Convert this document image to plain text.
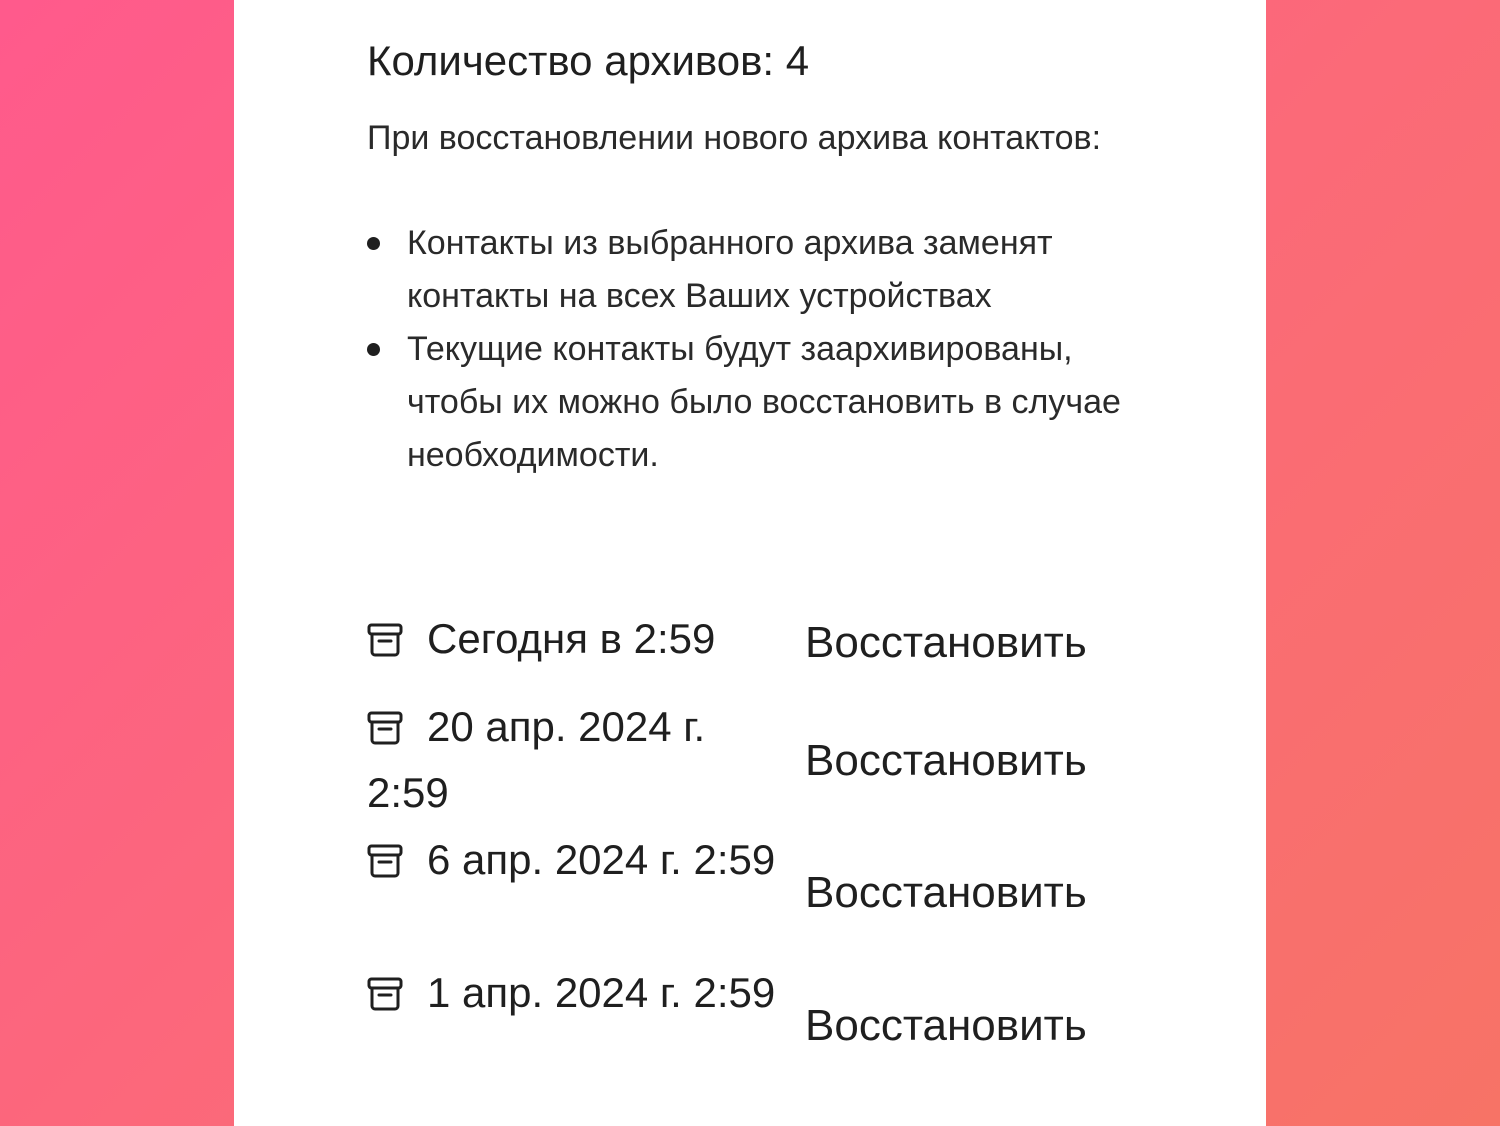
Количество архивов: 4

При восстановлении нового архива контактов:

Контакты из выбранного архива заменят контакты на всех Ваших устройствах
Текущие контакты будут заархивированы, чтобы их можно было восстановить в случае необходимости.
Сегодня в 2:59	Восстановить
20 апр. 2024 г. 2:59
Восстановить
6 апр. 2024 г. 2:59
Восстановить
1 апр. 2024 г. 2:59
Восстановить
